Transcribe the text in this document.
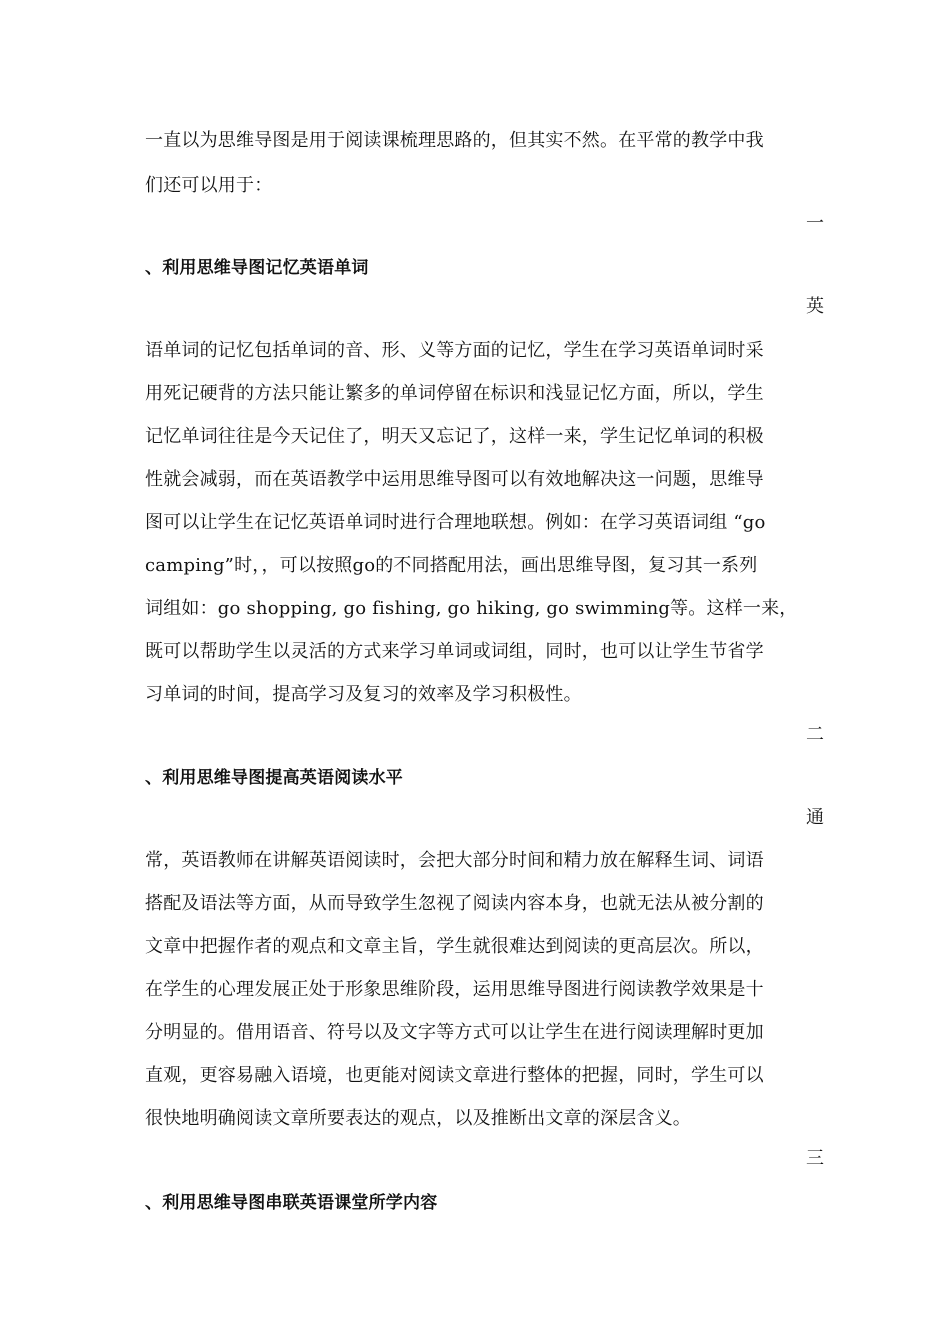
一直以为思维导图是用于阅读课梳理思路的，但其实不然。在平常的教学中我
们还可以用于：
一
、利用思维导图记忆英语单词
英
语单词的记忆包括单词的音、形、义等方面的记忆，学生在学习英语单词时采
用死记硬背的方法只能让繁多的单词停留在标识和浅显记忆方面，所以，学生
记忆单词往往是今天记住了，明天又忘记了，这样一来，学生记忆单词的积极
性就会减弱，而在英语教学中运用思维导图可以有效地解决这一问题，思维导
图可以让学生在记忆英语单词时进行合理地联想。例如：在学习英语词组 “go
camping”时，，可以按照go的不同搭配用法，画出思维导图，复习其一系列
词组如：go shopping, go fishing, go hiking, go swimming等。这样一来，
既可以帮助学生以灵活的方式来学习单词或词组，同时，也可以让学生节省学
习单词的时间，提高学习及复习的效率及学习积极性。
二
、利用思维导图提高英语阅读水平
通
常，英语教师在讲解英语阅读时，会把大部分时间和精力放在解释生词、词语
搭配及语法等方面，从而导致学生忽视了阅读内容本身，也就无法从被分割的
文章中把握作者的观点和文章主旨，学生就很难达到阅读的更高层次。所以，
在学生的心理发展正处于形象思维阶段，运用思维导图进行阅读教学效果是十
分明显的。借用语音、符号以及文字等方式可以让学生在进行阅读理解时更加
直观，更容易融入语境，也更能对阅读文章进行整体的把握，同时，学生可以
很快地明确阅读文章所要表达的观点，以及推断出文章的深层含义。
三
、利用思维导图串联英语课堂所学内容
